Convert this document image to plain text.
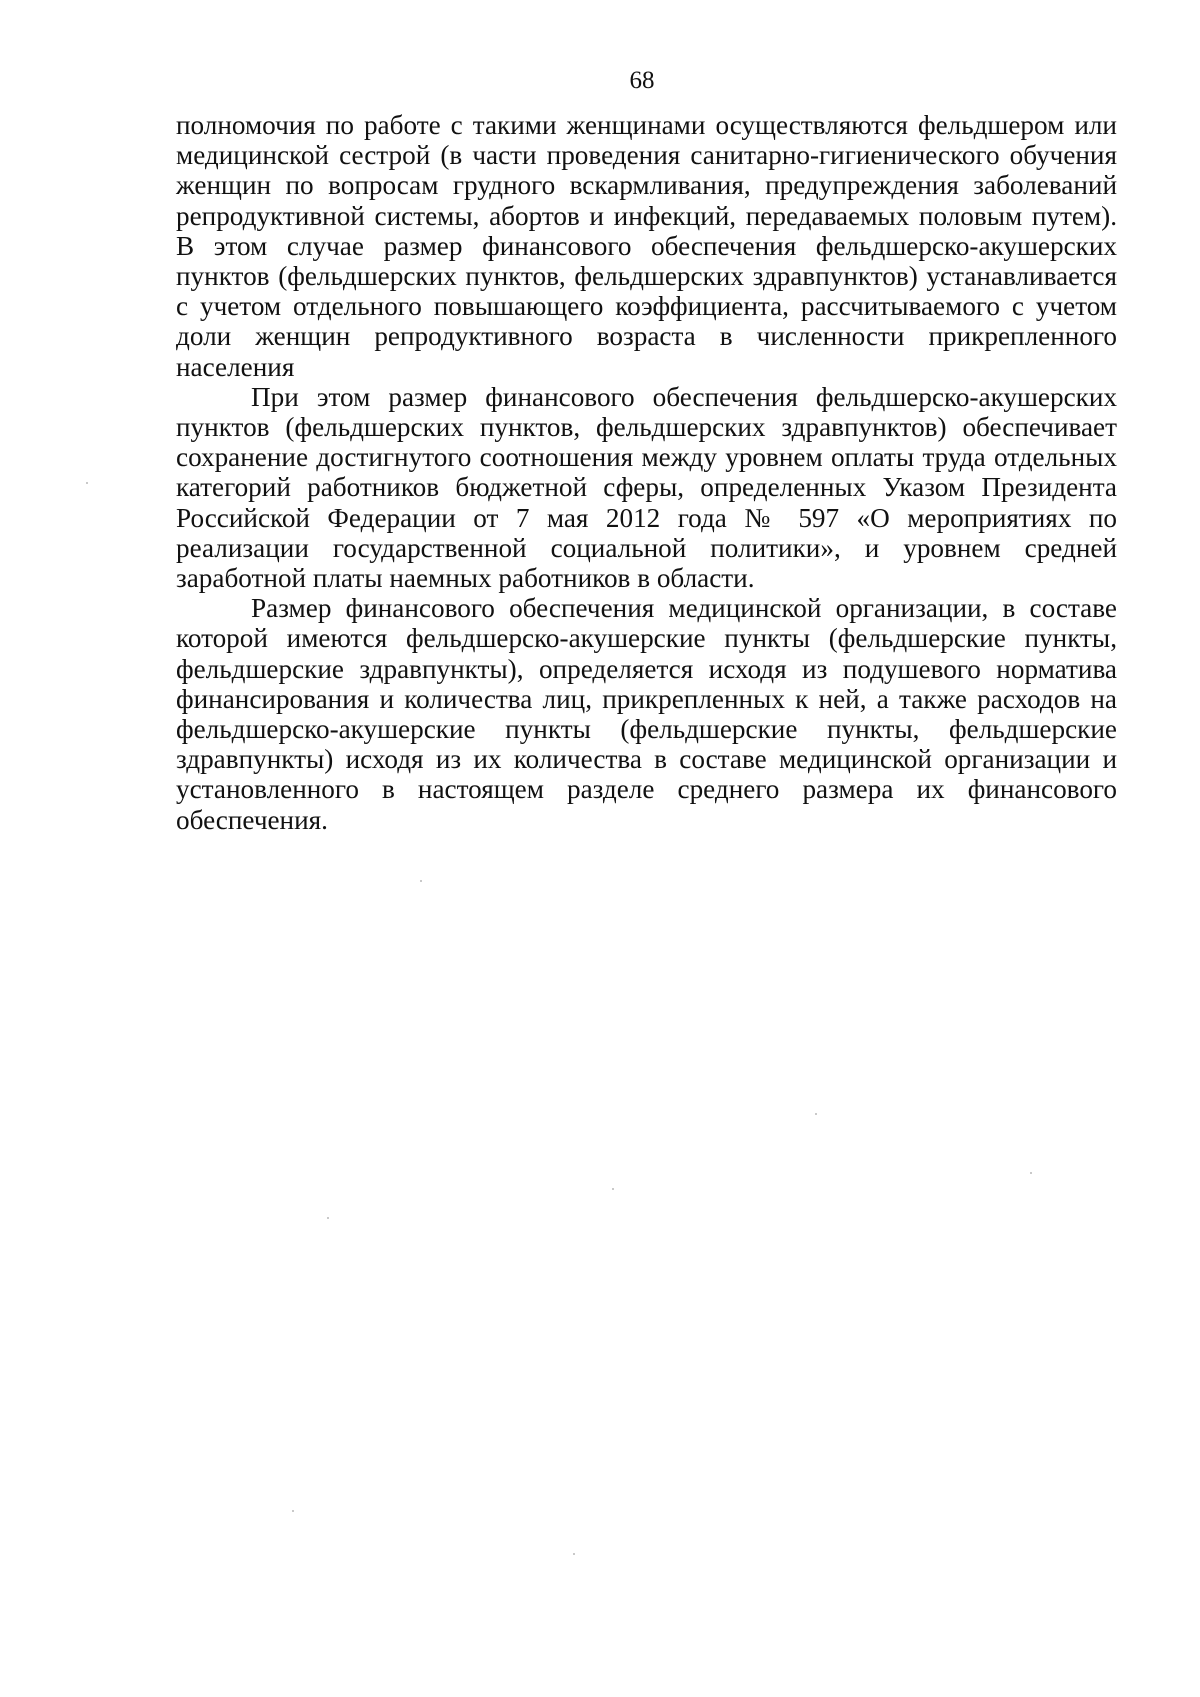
68

полномочия по работе с такими женщинами осуществляются фельдшером или медицинской сестрой (в части проведения санитарно-гигиенического обучения женщин по вопросам грудного вскармливания, предупреждения заболеваний репродуктивной системы, абортов и инфекций, передаваемых половым путем). В этом случае размер финансового обеспечения фельдшерско-акушерских пунктов (фельдшерских пунктов, фельдшерских здравпунктов) устанавливается с учетом отдельного повышающего коэффициента, рассчитываемого с учетом доли женщин репродуктивного возраста в численности прикрепленного населения

При этом размер финансового обеспечения фельдшерско-акушерских пунктов (фельдшерских пунктов, фельдшерских здравпунктов) обеспечивает сохранение достигнутого соотношения между уровнем оплаты труда отдельных категорий работников бюджетной сферы, определенных Указом Президента Российской Федерации от 7 мая 2012 года № 597 «О мероприятиях по реализации государственной социальной политики», и уровнем средней заработной платы наемных работников в области.

Размер финансового обеспечения медицинской организации, в составе которой имеются фельдшерско-акушерские пункты (фельдшерские пункты, фельдшерские здравпункты), определяется исходя из подушевого норматива финансирования и количества лиц, прикрепленных к ней, а также расходов на фельдшерско-акушерские пункты (фельдшерские пункты, фельдшерские здравпункты) исходя из их количества в составе медицинской организации и установленного в настоящем разделе среднего размера их финансового обеспечения.
